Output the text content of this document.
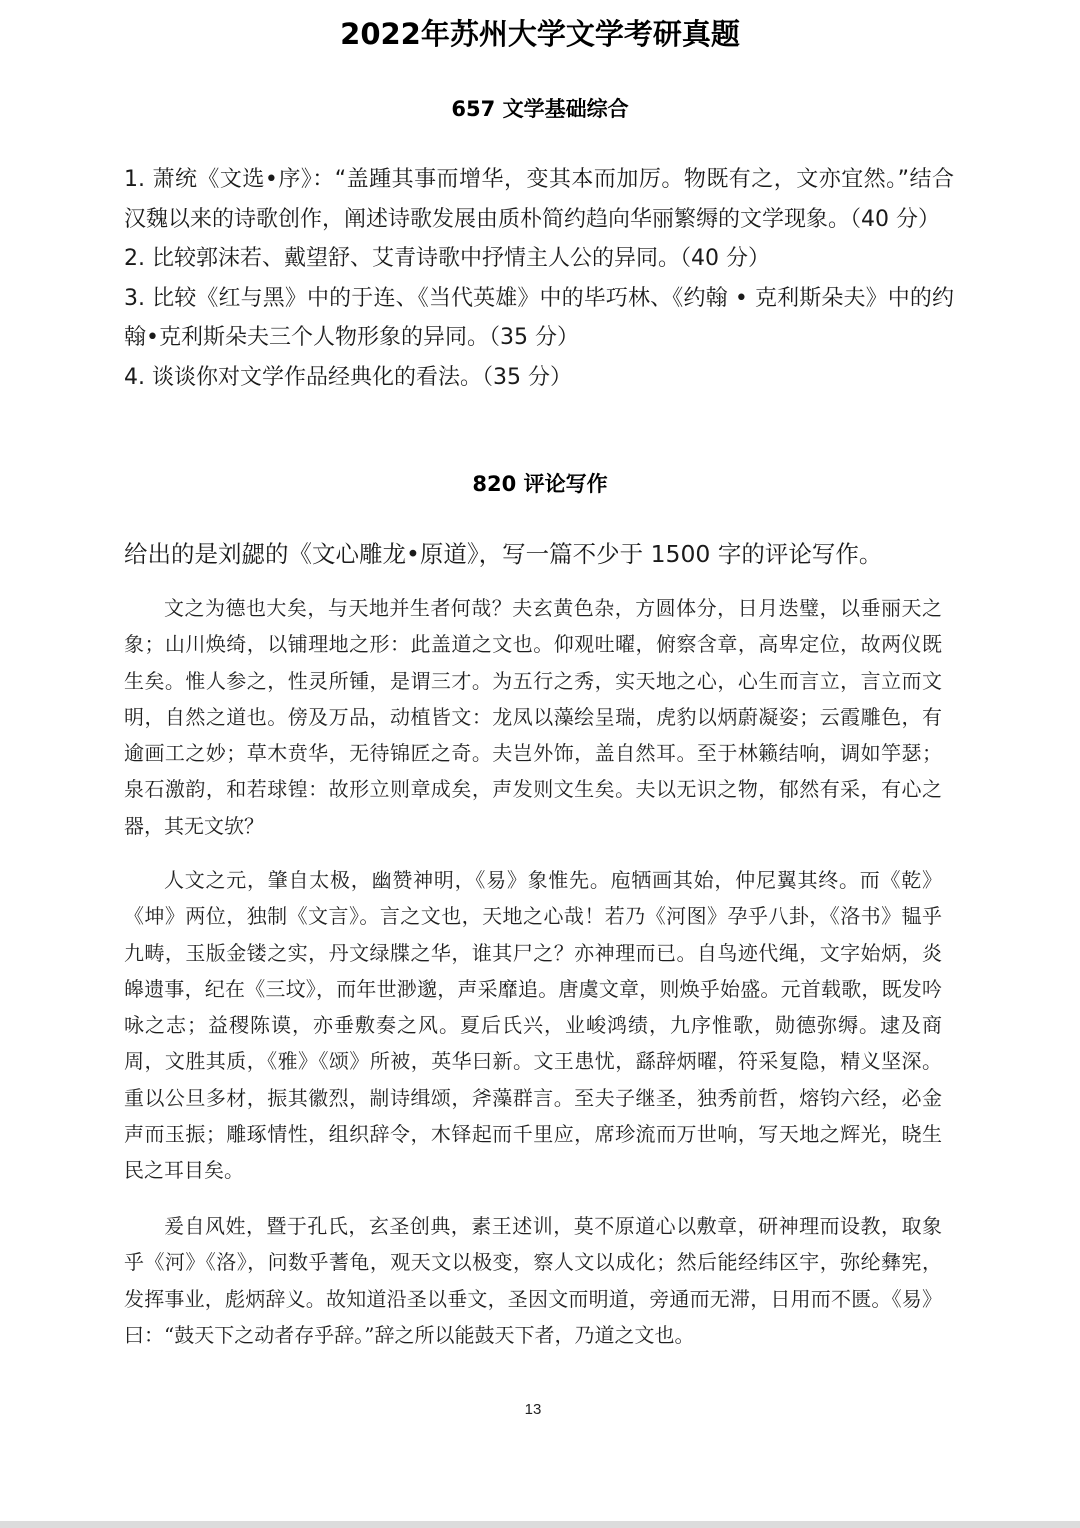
2022年苏州大学文学考研真题
657 文学基础综合

1. 萧统《文选•序》：“盖踵其事而增华，变其本而加厉。物既有之，文亦宜然。”结合汉魏以来的诗歌创作，阐述诗歌发展由质朴简约趋向华丽繁缛的文学现象。（40 分）

2. 比较郭沫若、戴望舒、艾青诗歌中抒情主人公的异同。（40 分）

3. 比较《红与黑》中的于连、《当代英雄》中的毕巧林、《约翰 • 克利斯朵夫》中的约翰•克利斯朵夫三个人物形象的异同。（35 分）

4. 谈谈你对文学作品经典化的看法。（35 分）

820 评论写作

给出的是刘勰的《文心雕龙•原道》，写一篇不少于 1500 字的评论写作。

文之为德也大矣，与天地并生者何哉？夫玄黄色杂，方圆体分，日月迭璧，以垂丽天之象；山川焕绮，以铺理地之形：此盖道之文也。仰观吐曜，俯察含章，高卑定位，故两仪既生矣。惟人参之，性灵所锺，是谓三才。为五行之秀，实天地之心，心生而言立，言立而文明，自然之道也。傍及万品，动植皆文：龙凤以藻绘呈瑞，虎豹以炳蔚凝姿；云霞雕色，有逾画工之妙；草木贲华，无待锦匠之奇。夫岂外饰，盖自然耳。至于林籁结响，调如竽瑟；泉石激韵，和若球锽：故形立则章成矣，声发则文生矣。夫以无识之物，郁然有采，有心之器，其无文欤？

人文之元，肇自太极，幽赞神明，《易》象惟先。庖牺画其始，仲尼翼其终。而《乾》《坤》两位，独制《文言》。言之文也，天地之心哉！若乃《河图》孕乎八卦，《洛书》韫乎九畴，玉版金镂之实，丹文绿牒之华，谁其尸之？亦神理而已。自鸟迹代绳，文字始炳，炎皞遗事，纪在《三坟》，而年世渺邈，声采靡追。唐虞文章，则焕乎始盛。元首载歌，既发吟咏之志；益稷陈谟，亦垂敷奏之风。夏后氏兴，业峻鸿绩，九序惟歌，勋德弥缛。逮及商周，文胜其质，《雅》《颂》所被，英华曰新。文王患忧，繇辞炳曜，符采复隐，精义坚深。重以公旦多材，振其徽烈，剬诗缉颂，斧藻群言。至夫子继圣，独秀前哲，熔钧六经，必金声而玉振；雕琢情性，组织辞令，木铎起而千里应，席珍流而万世响，写天地之辉光，晓生民之耳目矣。

爰自风姓，暨于孔氏，玄圣创典，素王述训，莫不原道心以敷章，研神理而设教，取象乎《河》《洛》，问数乎蓍龟，观天文以极变，察人文以成化；然后能经纬区宇，弥纶彝宪，发挥事业，彪炳辞义。故知道沿圣以垂文，圣因文而明道，旁通而无滞，日用而不匮。《易》曰：“鼓天下之动者存乎辞。”辞之所以能鼓天下者，乃道之文也。

13
